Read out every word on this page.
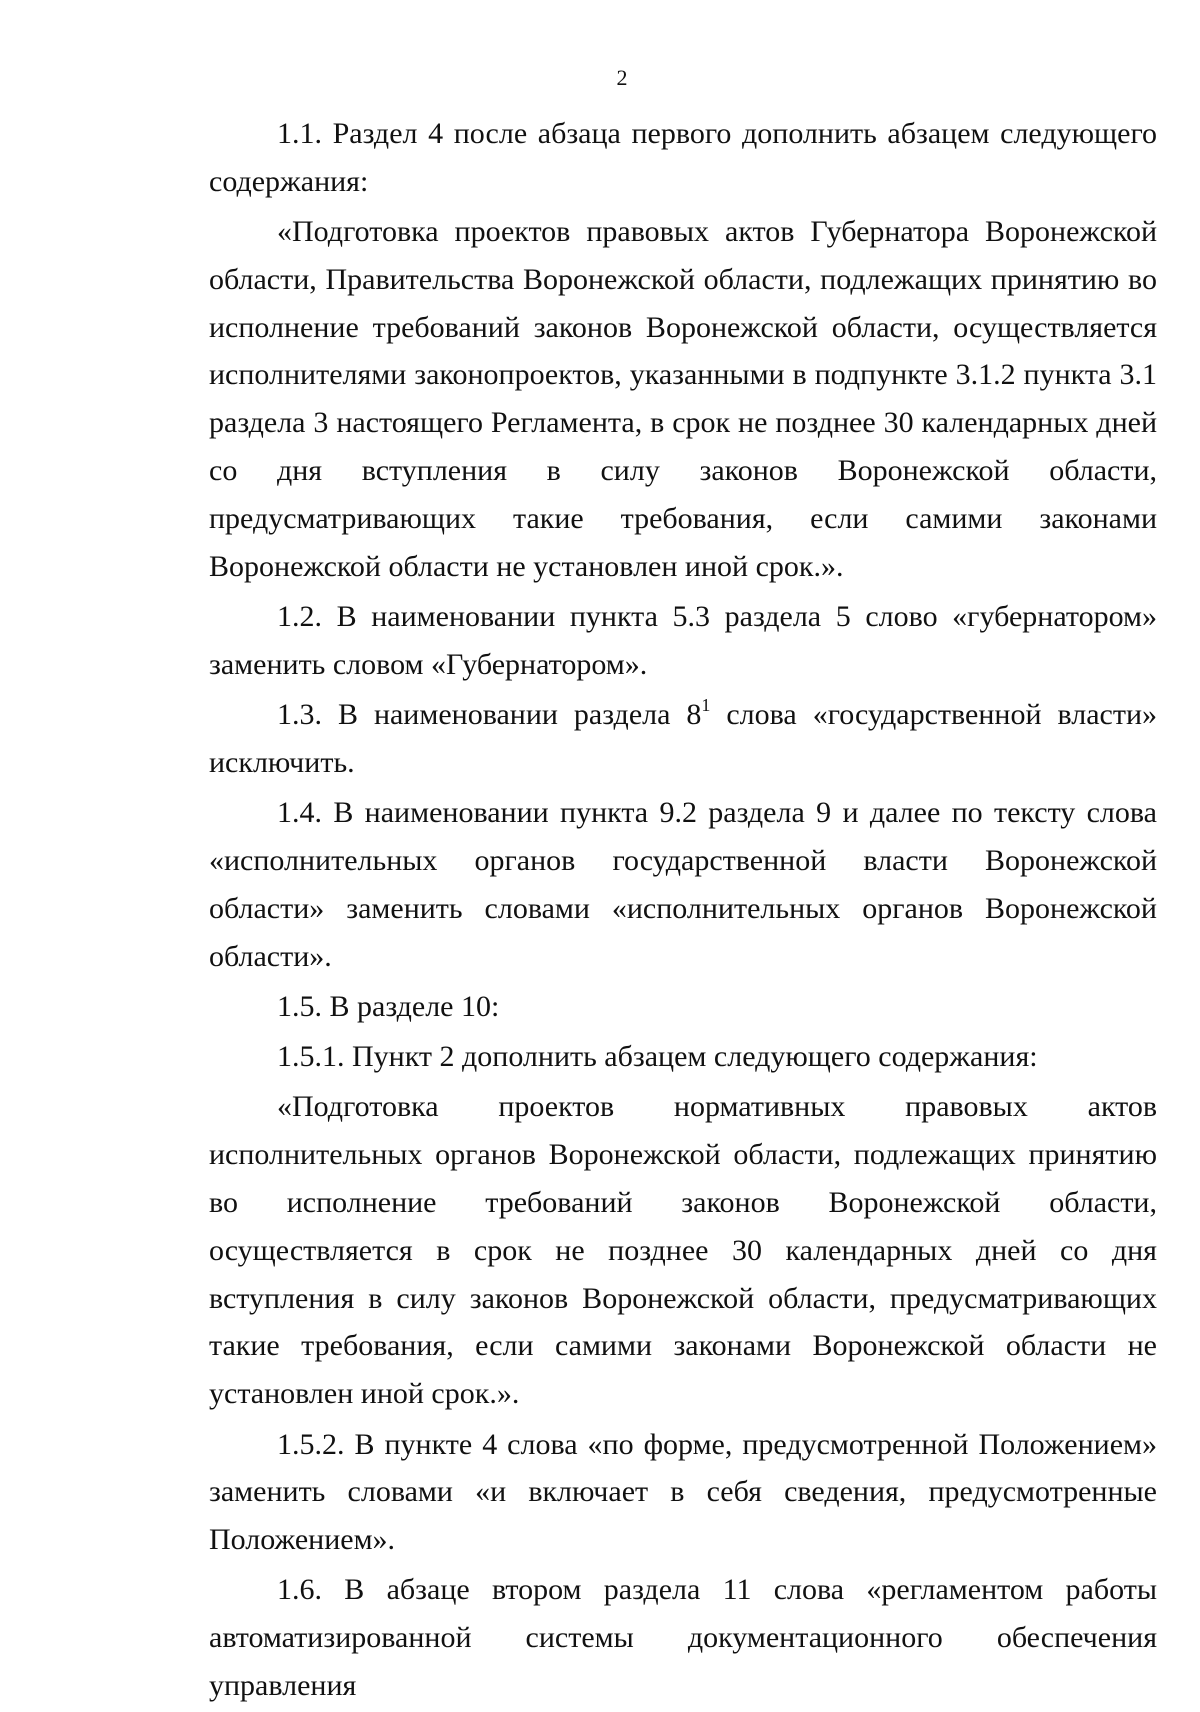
2

1.1. Раздел 4 после абзаца первого дополнить абзацем следующего содержания:

«Подготовка проектов правовых актов Губернатора Воронежской области, Правительства Воронежской области, подлежащих принятию во исполнение требований законов Воронежской области, осуществляется исполнителями законопроектов, указанными в подпункте 3.1.2 пункта 3.1 раздела 3 настоящего Регламента, в срок не позднее 30 календарных дней со дня вступления в силу законов Воронежской области, предусматривающих такие требования, если самими законами Воронежской области не установлен иной срок.».

1.2. В наименовании пункта 5.3 раздела 5 слово «губернатором» заменить словом «Губернатором».

1.3. В наименовании раздела $8^1$ слова «государственной власти» исключить.

1.4. В наименовании пункта 9.2 раздела 9 и далее по тексту слова «исполнительных органов государственной власти Воронежской области» заменить словами «исполнительных органов Воронежской области».

1.5. В разделе 10:

1.5.1. Пункт 2 дополнить абзацем следующего содержания:

«Подготовка проектов нормативных правовых актов исполнительных органов Воронежской области, подлежащих принятию во исполнение требований законов Воронежской области, осуществляется в срок не позднее 30 календарных дней со дня вступления в силу законов Воронежской области, предусматривающих такие требования, если самими законами Воронежской области не установлен иной срок.».

1.5.2. В пункте 4 слова «по форме, предусмотренной Положением» заменить словами «и включает в себя сведения, предусмотренные Положением».

1.6. В абзаце втором раздела 11 слова «регламентом работы автоматизированной системы документационного обеспечения управления
